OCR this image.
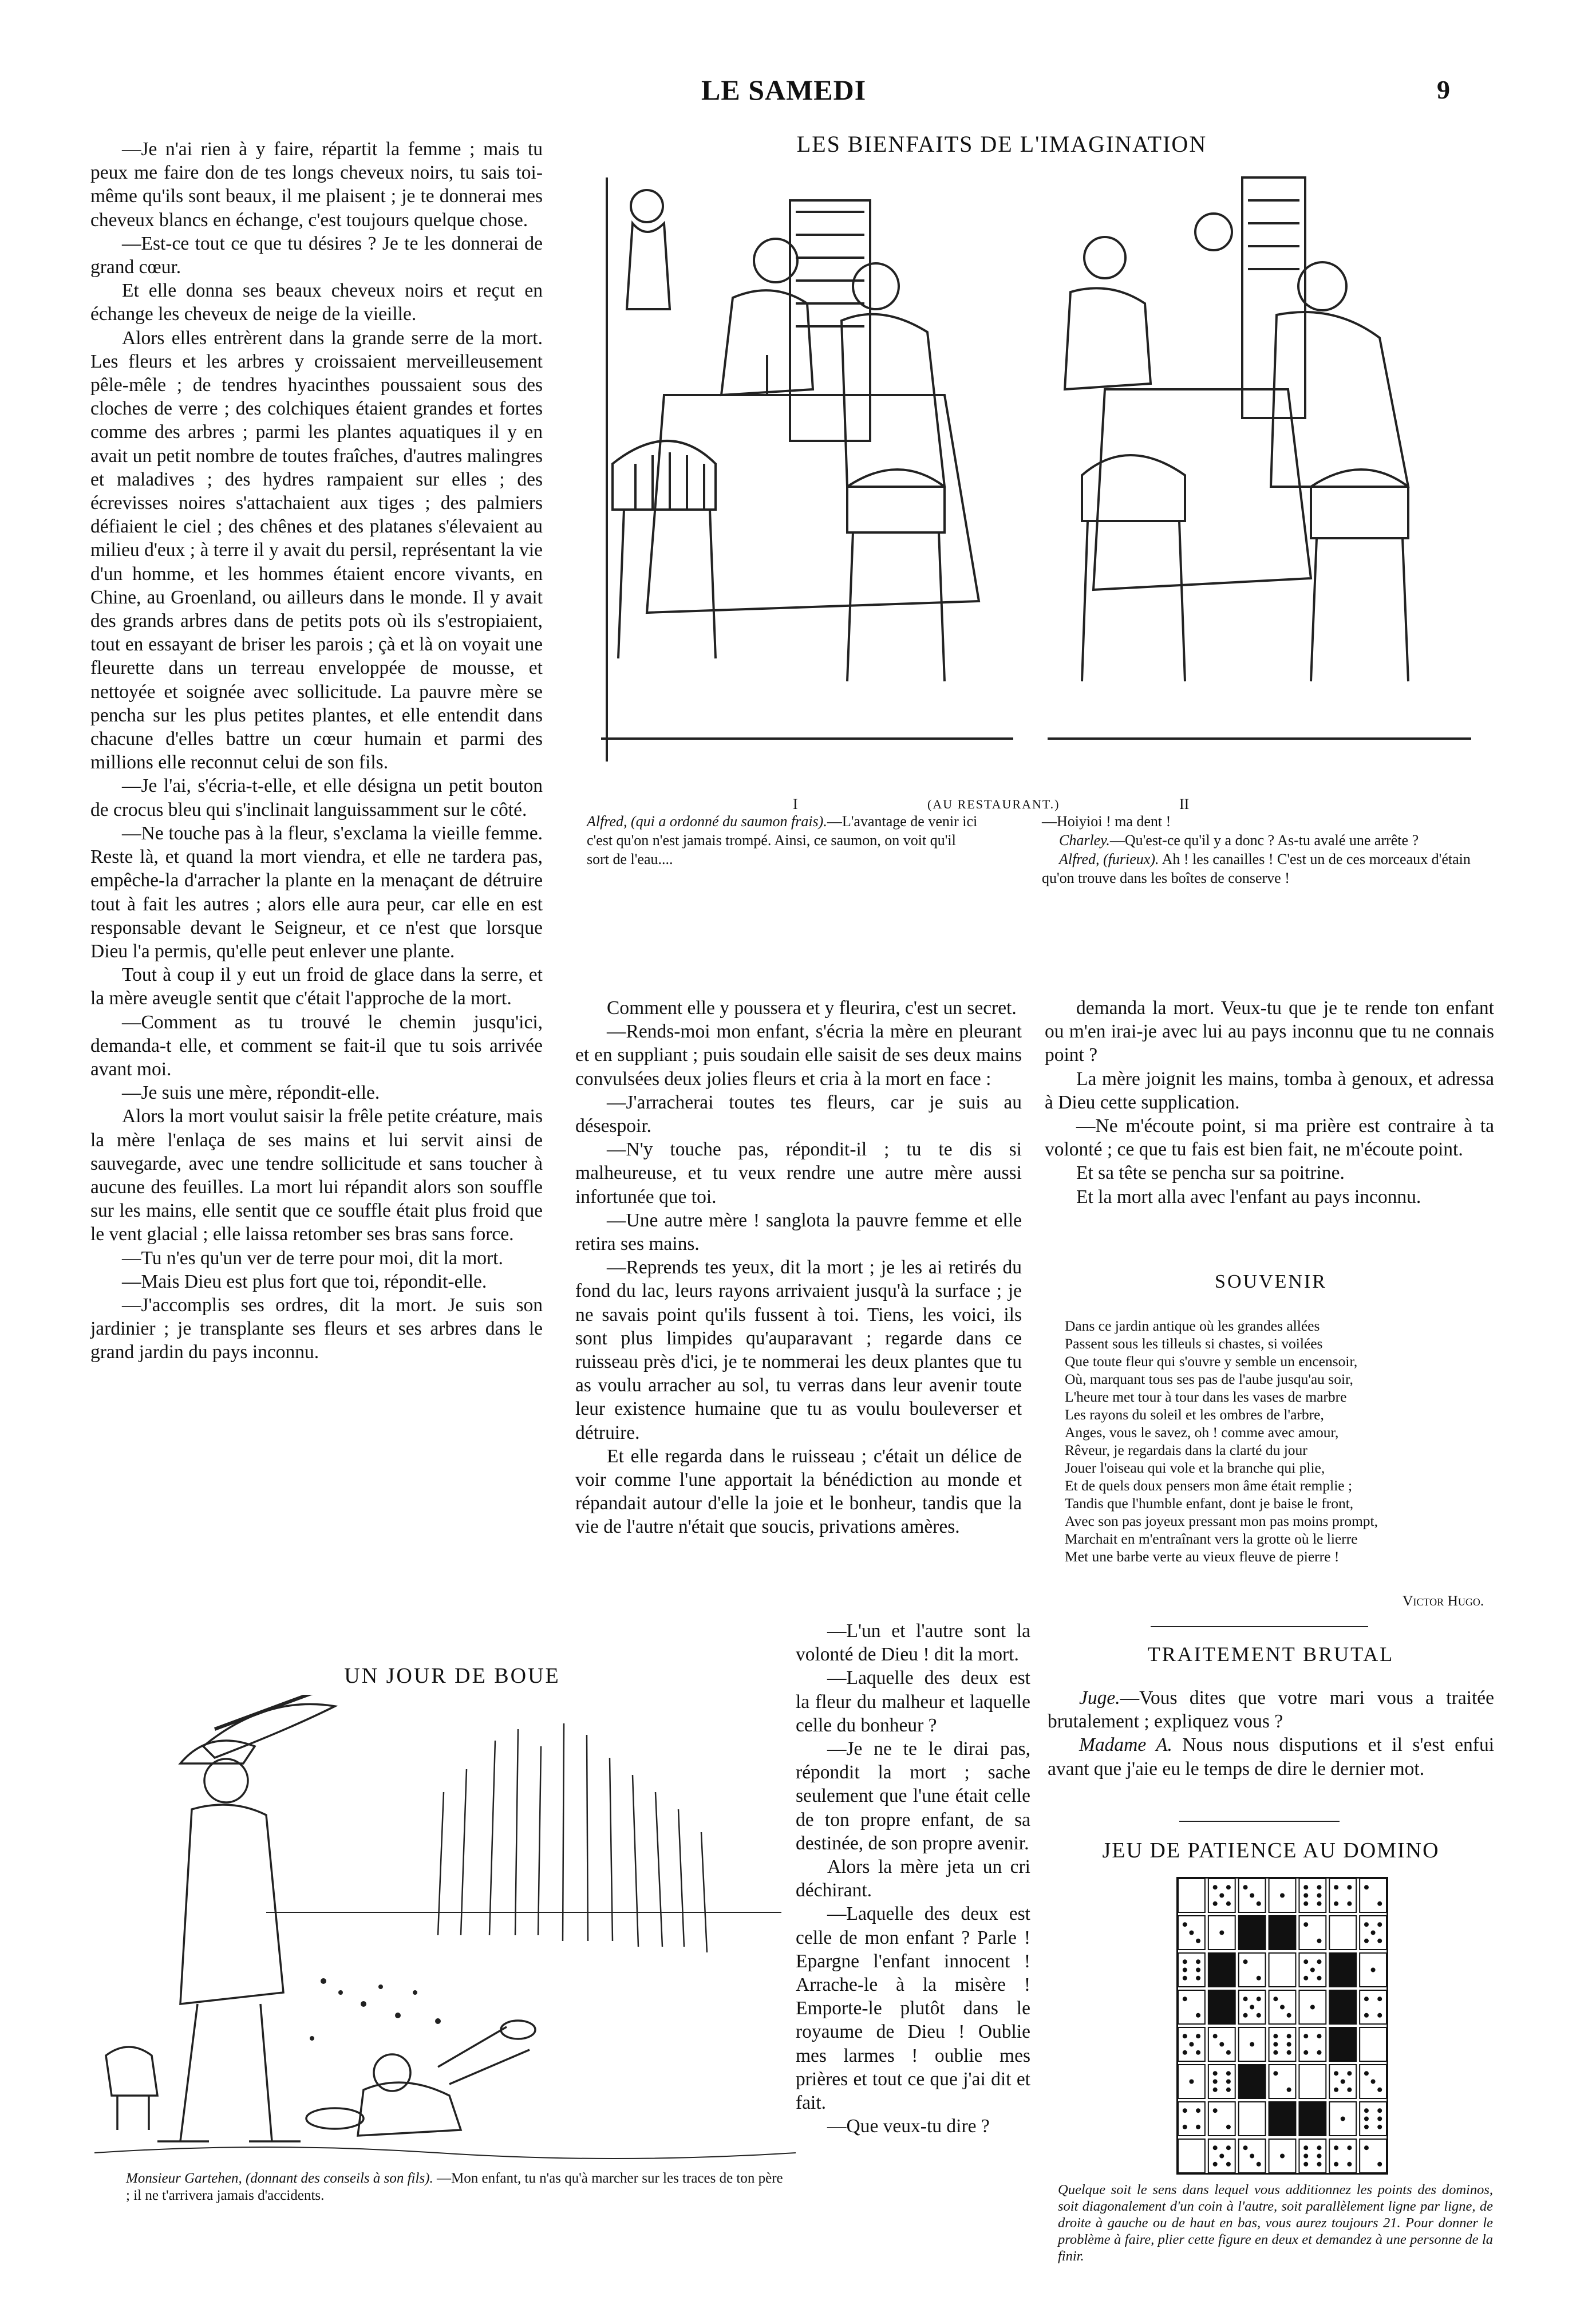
LE SAMEDI	9

—Je n'ai rien à y faire, répartit la femme ; mais tu peux me faire don de tes longs cheveux noirs, tu sais toi-même qu'ils sont beaux, il me plaisent ; je te donnerai mes cheveux blancs en échange, c'est toujours quelque chose.

—Est-ce tout ce que tu désires ? Je te les donnerai de grand cœur.

Et elle donna ses beaux cheveux noirs et reçut en échange les cheveux de neige de la vieille.

Alors elles entrèrent dans la grande serre de la mort. Les fleurs et les arbres y croissaient merveilleusement pêle-mêle ; de tendres hyacinthes poussaient sous des cloches de verre ; des colchiques étaient grandes et fortes comme des arbres ; parmi les plantes aquatiques il y en avait un petit nombre de toutes fraîches, d'autres malingres et maladives ; des hydres rampaient sur elles ; des écrevisses noires s'attachaient aux tiges ; des palmiers défiaient le ciel ; des chênes et des platanes s'élevaient au milieu d'eux ; à terre il y avait du persil, représentant la vie d'un homme, et les hommes étaient encore vivants, en Chine, au Groenland, ou ailleurs dans le monde. Il y avait des grands arbres dans de petits pots où ils s'estropiaient, tout en essayant de briser les parois ; çà et là on voyait une fleurette dans un terreau enveloppée de mousse, et nettoyée et soignée avec sollicitude. La pauvre mère se pencha sur les plus petites plantes, et elle entendit dans chacune d'elles battre un cœur humain et parmi des millions elle reconnut celui de son fils.

—Je l'ai, s'écria-t-elle, et elle désigna un petit bouton de crocus bleu qui s'inclinait languissamment sur le côté.

—Ne touche pas à la fleur, s'exclama la vieille femme. Reste là, et quand la mort viendra, et elle ne tardera pas, empêche-la d'arracher la plante en la menaçant de détruire tout à fait les autres ; alors elle aura peur, car elle en est responsable devant le Seigneur, et ce n'est que lorsque Dieu l'a permis, qu'elle peut enlever une plante.

Tout à coup il y eut un froid de glace dans la serre, et la mère aveugle sentit que c'était l'approche de la mort.

—Comment as tu trouvé le chemin jusqu'ici, demanda-t elle, et comment se fait-il que tu sois arrivée avant moi.

—Je suis une mère, répondit-elle.

Alors la mort voulut saisir la frêle petite créature, mais la mère l'enlaça de ses mains et lui servit ainsi de sauvegarde, avec une tendre sollicitude et sans toucher à aucune des feuilles. La mort lui répandit alors son souffle sur les mains, elle sentit que ce souffle était plus froid que le vent glacial ; elle laissa retomber ses bras sans force.

—Tu n'es qu'un ver de terre pour moi, dit la mort.

—Mais Dieu est plus fort que toi, répondit-elle.

—J'accomplis ses ordres, dit la mort. Je suis son jardinier ; je transplante ses fleurs et ses arbres dans le grand jardin du pays inconnu.

LES BIENFAITS DE L'IMAGINATION
I	(AU RESTAURANT.)	II
Alfred, (qui a ordonné du saumon frais).—L'avantage de venir ici c'est qu'on n'est jamais trompé. Ainsi, ce saumon, on voit qu'il sort de l'eau....
—Hoiyioi ! ma dent !
Charley.—Qu'est-ce qu'il y a donc ? As-tu avalé une arrête ?
Alfred, (furieux). Ah ! les canailles ! C'est un de ces morceaux d'étain qu'on trouve dans les boîtes de conserve !

Comment elle y poussera et y fleurira, c'est un secret.

—Rends-moi mon enfant, s'écria la mère en pleurant et en suppliant ; puis soudain elle saisit de ses deux mains convulsées deux jolies fleurs et cria à la mort en face :

—J'arracherai toutes tes fleurs, car je suis au désespoir.

—N'y touche pas, répondit-il ; tu te dis si malheureuse, et tu veux rendre une autre mère aussi infortunée que toi.

—Une autre mère ! sanglota la pauvre femme et elle retira ses mains.

—Reprends tes yeux, dit la mort ; je les ai retirés du fond du lac, leurs rayons arrivaient jusqu'à la surface ; je ne savais point qu'ils fussent à toi. Tiens, les voici, ils sont plus limpides qu'auparavant ; regarde dans ce ruisseau près d'ici, je te nommerai les deux plantes que tu as voulu arracher au sol, tu verras dans leur avenir toute leur existence humaine que tu as voulu bouleverser et détruire.

Et elle regarda dans le ruisseau ; c'était un délice de voir comme l'une apportait la bénédiction au monde et répandait autour d'elle la joie et le bonheur, tandis que la vie de l'autre n'était que soucis, privations amères.

—L'un et l'autre sont la volonté de Dieu ! dit la mort.

—Laquelle des deux est la fleur du malheur et laquelle celle du bonheur ?

—Je ne te le dirai pas, répondit la mort ; sache seulement que l'une était celle de ton propre enfant, de sa destinée, de son propre avenir.

Alors la mère jeta un cri déchirant.

—Laquelle des deux est celle de mon enfant ? Parle ! Epargne l'enfant innocent ! Arrache-le à la misère ! Emporte-le plutôt dans le royaume de Dieu ! Oublie mes larmes ! oublie mes prières et tout ce que j'ai dit et fait.

—Que veux-tu dire ?

demanda la mort. Veux-tu que je te rende ton enfant ou m'en irai-je avec lui au pays inconnu que tu ne connais point ?

La mère joignit les mains, tomba à genoux, et adressa à Dieu cette supplication.

—Ne m'écoute point, si ma prière est contraire à ta volonté ; ce que tu fais est bien fait, ne m'écoute point.

Et sa tête se pencha sur sa poitrine.

Et la mort alla avec l'enfant au pays inconnu.

SOUVENIR
Dans ce jardin antique où les grandes allées
Passent sous les tilleuls si chastes, si voilées
Que toute fleur qui s'ouvre y semble un encensoir,
Où, marquant tous ses pas de l'aube jusqu'au soir,
L'heure met tour à tour dans les vases de marbre
Les rayons du soleil et les ombres de l'arbre,
Anges, vous le savez, oh ! comme avec amour,
Rêveur, je regardais dans la clarté du jour
Jouer l'oiseau qui vole et la branche qui plie,
Et de quels doux pensers mon âme était remplie ;
Tandis que l'humble enfant, dont je baise le front,
Avec son pas joyeux pressant mon pas moins prompt,
Marchait en m'entraînant vers la grotte où le lierre
Met une barbe verte au vieux fleuve de pierre !
Victor Hugo.
TRAITEMENT BRUTAL

Juge.—Vous dites que votre mari vous a traitée brutalement ; expliquez vous ?

Madame A. Nous nous disputions et il s'est enfui avant que j'aie eu le temps de dire le dernier mot.

JEU DE PATIENCE AU DOMINO
Quelque soit le sens dans lequel vous additionnez les points des dominos, soit diagonalement d'un coin à l'autre, soit parallèlement ligne par ligne, de droite à gauche ou de haut en bas, vous aurez toujours 21. Pour donner le problème à faire, plier cette figure en deux et demandez à une personne de la finir.
UN JOUR DE BOUE
Monsieur Gartehen, (donnant des conseils à son fils). —Mon enfant, tu n'as qu'à marcher sur les traces de ton père ; il ne t'arrivera jamais d'accidents.
